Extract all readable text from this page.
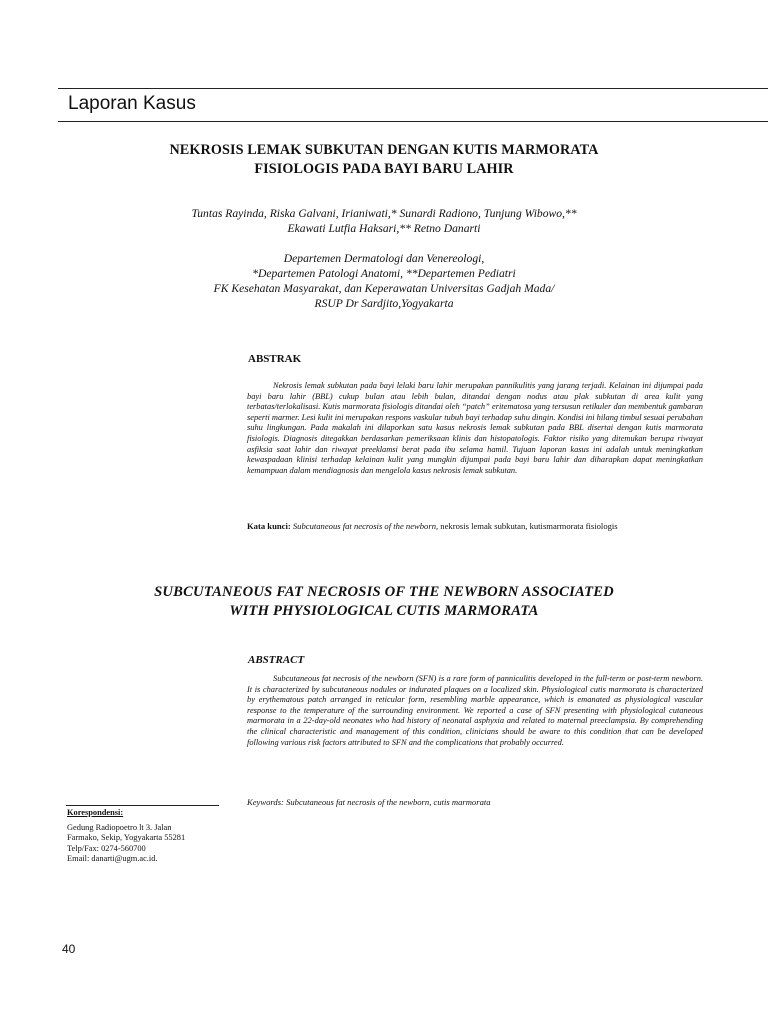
Laporan Kasus
NEKROSIS LEMAK SUBKUTAN DENGAN KUTIS MARMORATA
FISIOLOGIS PADA BAYI BARU LAHIR
Tuntas Rayinda, Riska Galvani, Irianiwati,* Sunardi Radiono, Tunjung Wibowo,**
Ekawati Lutfia Haksari,** Retno Danarti
Departemen Dermatologi dan Venereologi,
*Departemen Patologi Anatomi, **Departemen Pediatri
FK Kesehatan Masyarakat, dan Keperawatan Universitas Gadjah Mada/
RSUP Dr Sardjito,Yogyakarta
ABSTRAK

Nekrosis lemak subkutan pada bayi lelaki baru lahir merupakan pannikulitis yang jarang terjadi. Kelainan ini dijumpai pada bayi baru lahir (BBL) cukup bulan atau lebih bulan, ditandai dengan nodus atau plak subkutan di area kulit yang terbatas/terlokalisasi. Kutis marmorata fisiologis ditandai oleh “patch” eritematosa yang tersusun retikuler dan membentuk gambaran seperti marmer. Lesi kulit ini merupakan respons vaskular tubuh bayi terhadap suhu dingin. Kondisi ini hilang timbul sesuai perubahan suhu lingkungan. Pada makalah ini dilaporkan satu kasus nekrosis lemak subkutan pada BBL disertai dengan kutis marmorata fisiologis. Diagnosis ditegakkan berdasarkan pemeriksaan klinis dan histopatologis. Faktor risiko yang ditemukan berupa riwayat asfiksia saat lahir dan riwayat preeklamsi berat pada ibu selama hamil. Tujuan laporan kasus ini adalah untuk meningkatkan kewaspadaan klinisi terhadap kelainan kulit yang mungkin dijumpai pada bayi baru lahir dan diharapkan dapat meningkatkan kemampuan dalam mendiagnosis dan mengelola kasus nekrosis lemak subkutan.

Kata kunci: Subcutaneous fat necrosis of the newborn, nekrosis lemak subkutan, kutismarmorata fisiologis
SUBCUTANEOUS FAT NECROSIS OF THE NEWBORN ASSOCIATED
WITH PHYSIOLOGICAL CUTIS MARMORATA
ABSTRACT

Subcutaneous fat necrosis of the newborn (SFN) is a rare form of panniculitis developed in the full-term or post-term newborn. It is characterized by subcutaneous nodules or indurated plaques on a localized skin. Physiological cutis marmorata is characterized by erythematous patch arranged in reticular form, resembling marble appearance, which is emanated as physiological vascular response to the temperature of the surrounding environment. We reported a case of SFN presenting with physiological cutaneous marmorata in a 22-day-old neonates who had history of neonatal asphyxia and related to maternal preeclampsia. By comprehending the clinical characteristic and management of this condition, clinicians should be aware to this condition that can be developed following various risk factors attributed to SFN and the complications that probably occurred.

Keywords: Subcutaneous fat necrosis of the newborn, cutis marmorata
Korespondensi:
Gedung Radiopoetro lt 3. Jalan
Farmako, Sekip, Yogyakarta 55281
Telp/Fax: 0274-560700
Email: danarti@ugm.ac.id.
40
